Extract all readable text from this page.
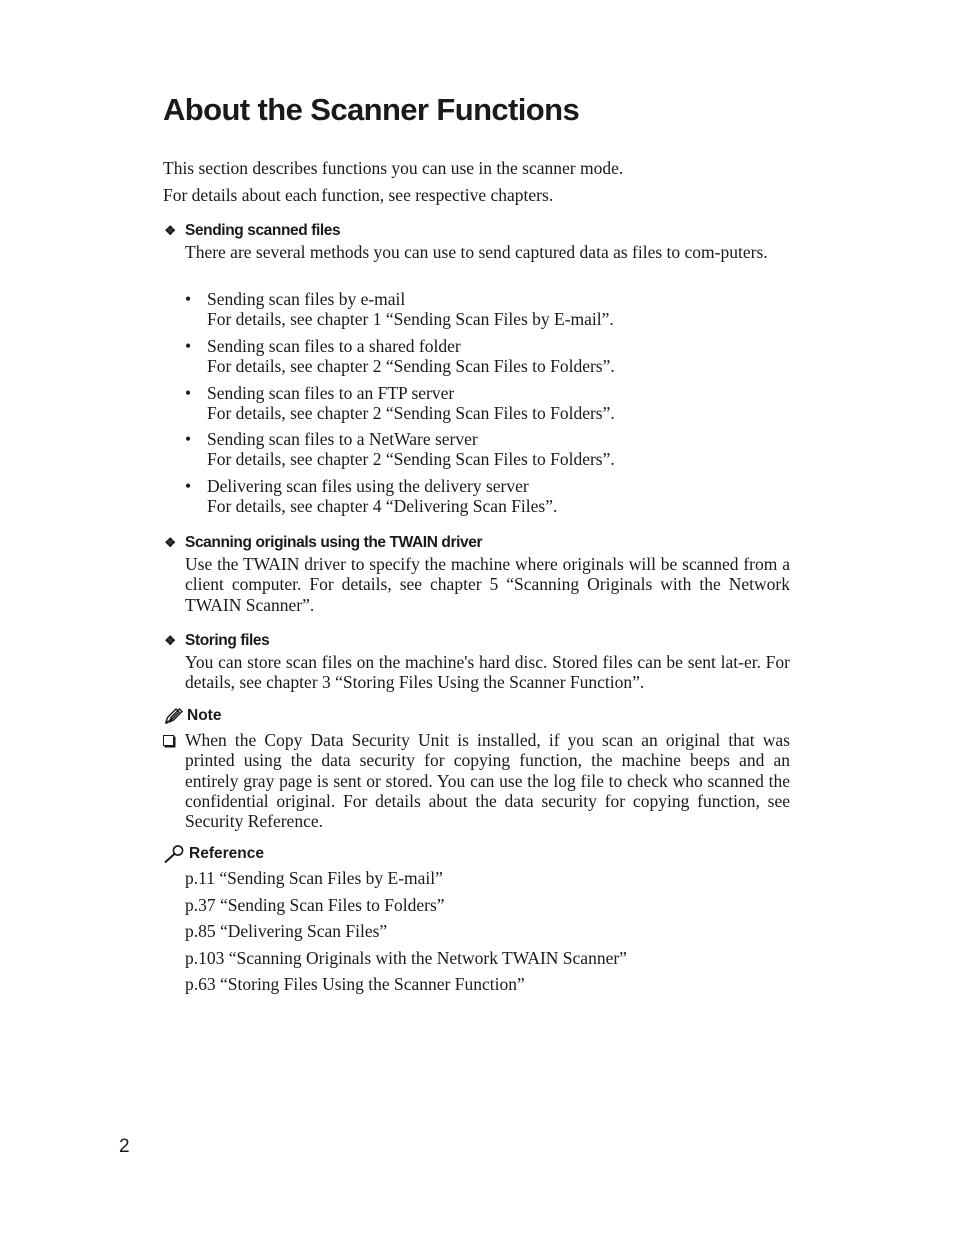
About the Scanner Functions
This section describes functions you can use in the scanner mode.
For details about each function, see respective chapters.
❖ Sending scanned files
There are several methods you can use to send captured data as files to com-puters.
• Sending scan files by e-mail
For details, see chapter 1 “Sending Scan Files by E-mail”.
• Sending scan files to a shared folder
For details, see chapter 2 “Sending Scan Files to Folders”.
• Sending scan files to an FTP server
For details, see chapter 2 “Sending Scan Files to Folders”.
• Sending scan files to a NetWare server
For details, see chapter 2 “Sending Scan Files to Folders”.
• Delivering scan files using the delivery server
For details, see chapter 4 “Delivering Scan Files”.
❖ Scanning originals using the TWAIN driver
Use the TWAIN driver to specify the machine where originals will be scanned from a client computer. For details, see chapter 5 “Scanning Originals with the Network TWAIN Scanner”.
❖ Storing files
You can store scan files on the machine's hard disc. Stored files can be sent lat-er. For details, see chapter 3 “Storing Files Using the Scanner Function”.
Note
When the Copy Data Security Unit is installed, if you scan an original that was printed using the data security for copying function, the machine beeps and an entirely gray page is sent or stored. You can use the log file to check who scanned the confidential original. For details about the data security for copying function, see Security Reference.
Reference
p.11 “Sending Scan Files by E-mail”
p.37 “Sending Scan Files to Folders”
p.85 “Delivering Scan Files”
p.103 “Scanning Originals with the Network TWAIN Scanner”
p.63 “Storing Files Using the Scanner Function”
2
